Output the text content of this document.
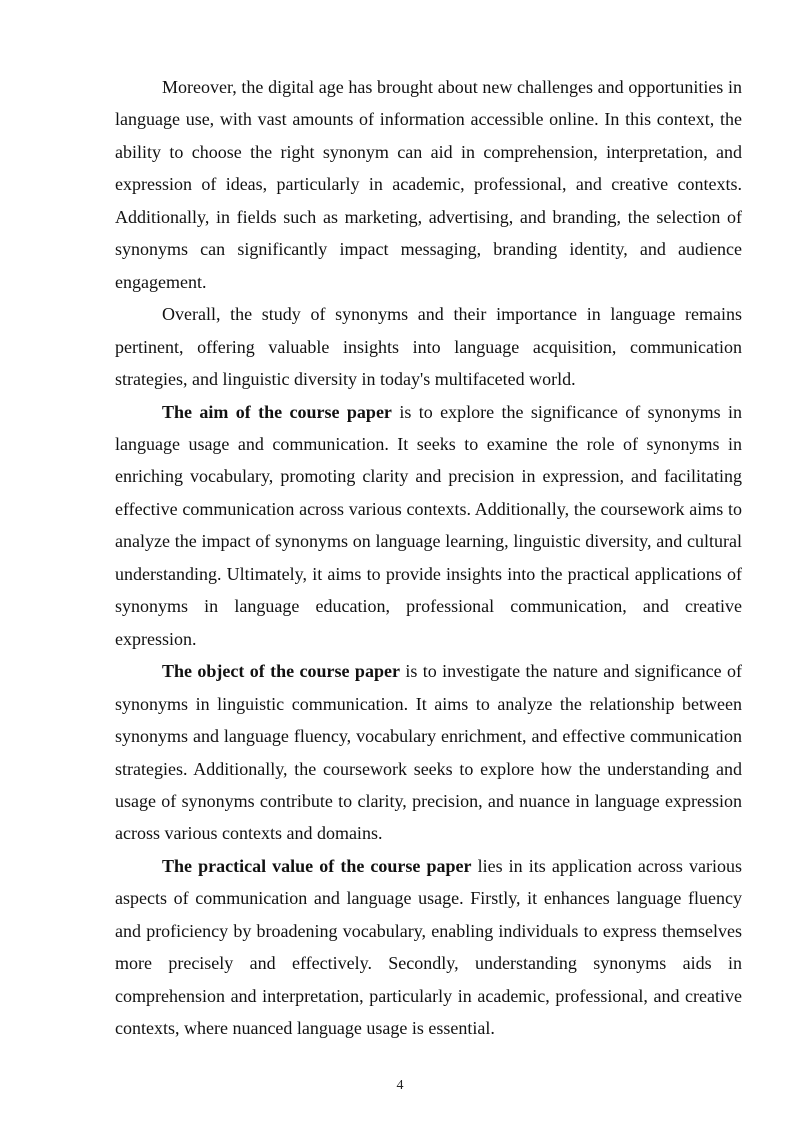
Moreover, the digital age has brought about new challenges and opportunities in language use, with vast amounts of information accessible online. In this context, the ability to choose the right synonym can aid in comprehension, interpretation, and expression of ideas, particularly in academic, professional, and creative contexts. Additionally, in fields such as marketing, advertising, and branding, the selection of synonyms can significantly impact messaging, branding identity, and audience engagement.

Overall, the study of synonyms and their importance in language remains pertinent, offering valuable insights into language acquisition, communication strategies, and linguistic diversity in today's multifaceted world.

The aim of the course paper is to explore the significance of synonyms in language usage and communication. It seeks to examine the role of synonyms in enriching vocabulary, promoting clarity and precision in expression, and facilitating effective communication across various contexts. Additionally, the coursework aims to analyze the impact of synonyms on language learning, linguistic diversity, and cultural understanding. Ultimately, it aims to provide insights into the practical applications of synonyms in language education, professional communication, and creative expression.

The object of the course paper is to investigate the nature and significance of synonyms in linguistic communication. It aims to analyze the relationship between synonyms and language fluency, vocabulary enrichment, and effective communication strategies. Additionally, the coursework seeks to explore how the understanding and usage of synonyms contribute to clarity, precision, and nuance in language expression across various contexts and domains.

The practical value of the course paper lies in its application across various aspects of communication and language usage. Firstly, it enhances language fluency and proficiency by broadening vocabulary, enabling individuals to express themselves more precisely and effectively. Secondly, understanding synonyms aids in comprehension and interpretation, particularly in academic, professional, and creative contexts, where nuanced language usage is essential.

4
